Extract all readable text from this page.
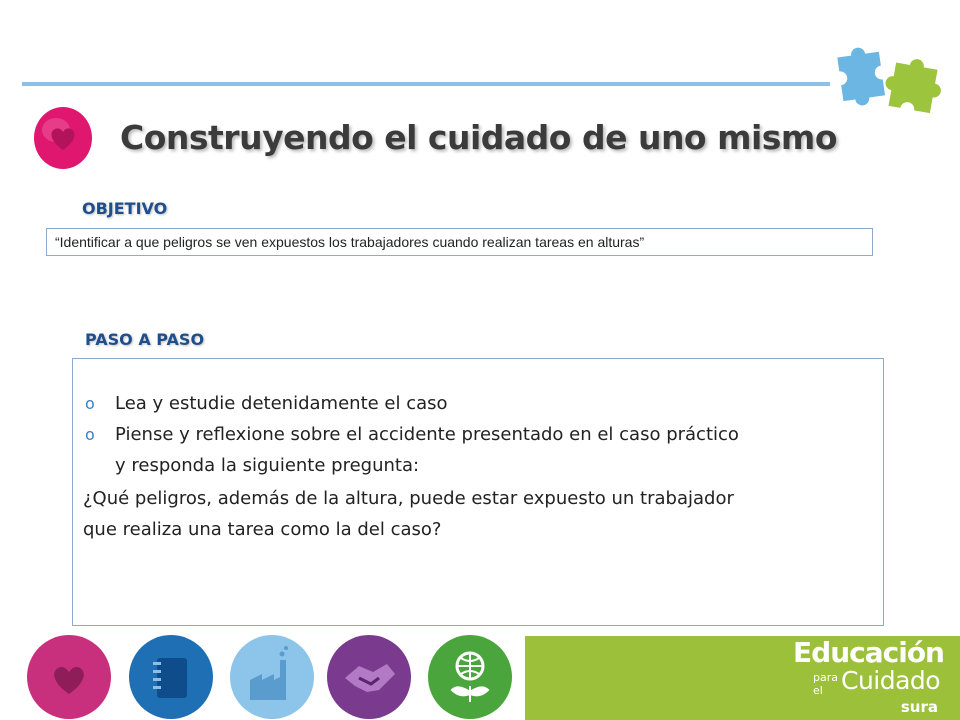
Construyendo el cuidado de uno mismo
OBJETIVO
“Identificar a que peligros se ven expuestos los trabajadores cuando realizan tareas en alturas”
PASO A PASO
o Lea y estudie detenidamente el caso
o Piense y reflexione sobre el accidente presentado en el caso práctico
y responda la siguiente pregunta:
¿Qué peligros, además de la altura, puede estar expuesto un trabajador
que realiza una tarea como la del caso?
Educación
para
el Cuidado
sura
